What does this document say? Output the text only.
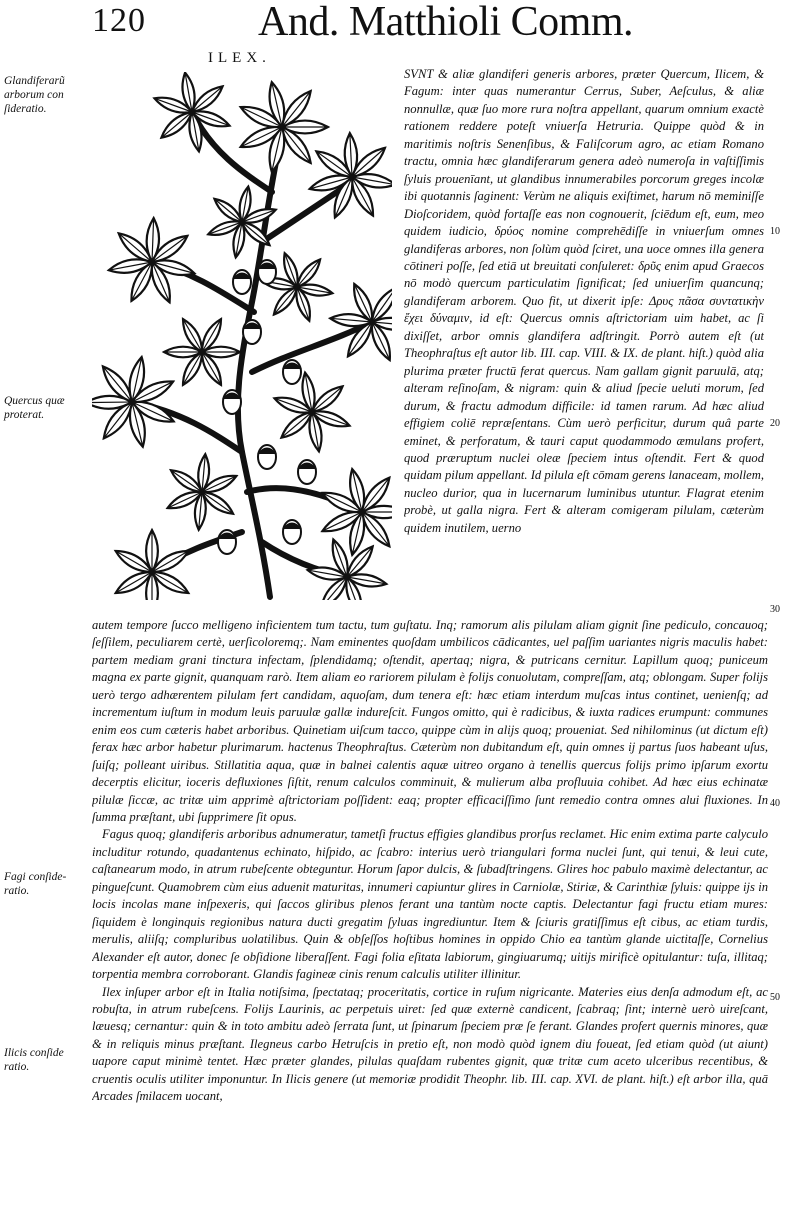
120	And. Matthioli Comm.
ILEX.
Glandiferarũ arborum con ſideratio.
Quercus quæ proterat.
Fagi conſide- ratio.
Ilicis conſide ratio.
10
20
30
40
50

SVNT & aliæ glandiferi generis arbores, præter Quercum, Ilicem, & Fagum: inter quas numerantur Cerrus, Suber, Aeſculus, & aliæ nonnullæ, quæ ſuo more rura noſtra appellant, quarum omnium exactè rationem reddere poteſt vniuerſa Hetruria. Quippe quòd & in maritimis noſtris Senenſibus, & Faliſcorum agro, ac etiam Romano tractu, omnia hæc glandiferarum genera adeò numeroſa in vaſtiſſimis ſyluis prouenīant, ut glandibus innumerabiles porcorum greges incolæ ibi quotannis ſaginent: Verùm ne aliquis exiſtimet, harum nō meminiſſe Dioſcoridem, quòd fortaſſe eas non cognouerit, ſciēdum eſt, eum, meo quidem iudicio, δρύος nomine comprehēdiſſe in vniuerſum omnes glandiferas arbores, non ſolùm quòd ſciret, una uoce omnes illa genera cōtineri poſſe, ſed etiā ut breuitati conſuleret: δρῦς enim apud Graecos nō modò quercum particulatim ſignificat; ſed uniuerſim quancunq; glandiferam arborem. Quo fit, ut dixerit ipſe: Δρυς πᾶσα συντατικὴν ἔχει δύναμιν, id eſt: Quercus omnis aſtrictoriam uim habet, ac ſi dixiſſet, arbor omnis glandifera adſtringit. Porrò autem eſt (ut Theophraſtus eſt autor lib. III. cap. VIII. & IX. de plant. hiſt.) quòd alia plurima præter fructū ferat quercus. Nam gallam gignit paruulā, atq; alteram reſinoſam, & nigram: quin & aliud ſpecie ueluti morum, ſed durum, & fractu admodum difficile: id tamen rarum. Ad hæc aliud effigiem coliē repræſentans. Cùm uerò perficitur, durum quâ parte eminet, & perforatum, & tauri caput quodammodo æmulans profert, quod præruptum nuclei oleæ ſpeciem intus oſtendit. Fert & quod quidam pilum appellant. Id pilula eſt cōmam gerens lanaceam, mollem, nucleo durior, qua in lucernarum luminibus utuntur. Flagrat etenim probè, ut galla nigra. Fert & alteram comigeram pilulam, cæterùm quidem inutilem, uerno

autem tempore ſucco melligeno inficientem tum tactu, tum guſtatu. Inq; ramorum alis pilulam aliam gignit ſine pediculo, concauoq; ſeſſilem, peculiarem certè, uerſicoloremq;. Nam eminentes quoſdam umbilicos cādicantes, uel paſſim uariantes nigris maculis habet: partem mediam grani tinctura infectam, ſplendidamq; oſtendit, apertaq; nigra, & putricans cernitur. Lapillum quoq; puniceum magna ex parte gignit, quanquam rarò. Item aliam eo rariorem pilulam è folijs conuolutam, compreſſam, atq; oblongam. Super folijs uerò tergo adhærentem pilulam fert candidam, aquoſam, dum tenera eſt: hæc etiam interdum muſcas intus continet, uenienſq; ad incrementum iuſtum in modum leuis paruulæ gallæ indureſcit. Fungos omitto, qui è radicibus, & iuxta radices erumpunt: communes enim eos cum cæteris habet arboribus. Quinetiam uiſcum tacco, quippe cùm in alijs quoq; proueniat. Sed nihilominus (ut dictum eſt) ferax hæc arbor habetur plurimarum. hactenus Theophraſtus. Cæterùm non dubitandum eſt, quin omnes ij partus ſuos habeant uſus, ſuiſq; polleant uiribus. Stillatitia aqua, quæ in balnei calentis aquæ uitreo organo à tenellis quercus folijs primo ipſarum exortu decerptis elicitur, ioceris defluxiones ſiſtit, renum calculos comminuit, & mulierum alba profluuia cohibet. Ad hæc eius echinatæ pilulæ ſiccæ, ac tritæ uim apprimè aſtrictoriam poſſident: eaq; propter efficaciſſimo ſunt remedio contra omnes alui fluxiones. In ſumma præſtant, ubi ſupprimere ſit opus.

Fagus quoq; glandiferis arboribus adnumeratur, tametſi fructus effigies glandibus prorſus reclamet. Hic enim extima parte calyculo includitur rotundo, quadantenus echinato, hiſpido, ac ſcabro: interius uerò triangulari forma nuclei ſunt, qui tenui, & leui cute, caſtanearum modo, in atrum rubeſcente obteguntur. Horum ſapor dulcis, & ſubadſtringens. Glires hoc pabulo maximè delectantur, ac pingueſcunt. Quamobrem cùm eius aduenit maturitas, innumeri capiuntur glires in Carniolæ, Stiriæ, & Carinthiæ ſyluis: quippe ijs in locis incolas mane inſpexeris, qui ſaccos gliribus plenos ferant una tantùm nocte captis. Delectantur fagi fructu etiam mures: ſiquidem è longinquis regionibus natura ducti gregatim ſyluas ingrediuntur. Item & ſciuris gratiſſimus eſt cibus, ac etiam turdis, merulis, aliiſq; compluribus uolatilibus. Quin & obſeſſos hoſtibus homines in oppido Chio ea tantùm glande uictitaſſe, Cornelius Alexander eſt autor, donec ſe obſidione liberaſſent. Fagi folia eſitata labiorum, gingiuarumq; uitijs mirificè opitulantur: tuſa, illitaq; torpentia membra corroborant. Glandis fagineæ cinis renum calculis utiliter illinitur.

Ilex inſuper arbor eſt in Italia notiſsima, ſpectataq; proceritatis, cortice in ruſum nigricante. Materies eius denſa admodum eſt, ac robuſta, in atrum rubeſcens. Folijs Laurinis, ac perpetuis uiret: ſed quæ externè candicent, ſcabraq; ſint; internè uerò uireſcant, læuesq; cernantur: quin & in toto ambitu adeò ſerrata ſunt, ut ſpinarum ſpeciem præ ſe ferant. Glandes profert quernis minores, quæ & in reliquis minus præſtant. Ilegneus carbo Hetruſcis in pretio eſt, non modò quòd ignem diu foueat, ſed etiam quòd (ut aiunt) uapore caput minimè tentet. Hæc præter glandes, pilulas quaſdam rubentes gignit, quæ tritæ cum aceto ulceribus recentibus, & cruentis oculis utiliter imponuntur. In Ilicis genere (ut memoriæ prodidit Theophr. lib. III. cap. XVI. de plant. hiſt.) eſt arbor illa, quā Arcades ſmilacem uocant,
